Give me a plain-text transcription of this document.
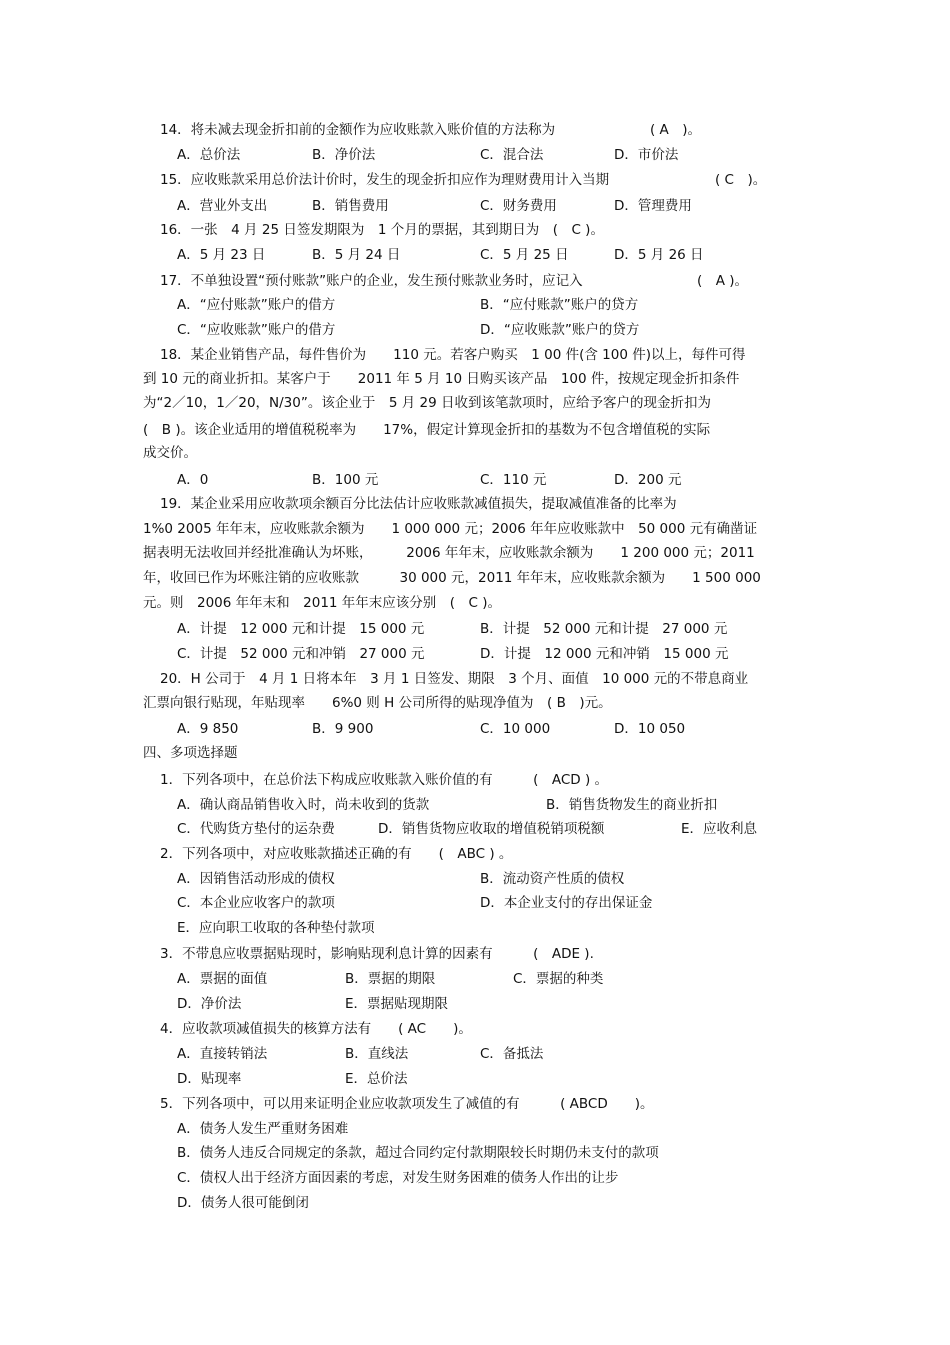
14．将未减去现金折扣前的金额作为应收账款入账价值的方法称为	( A　)。
A．总价法	B．净价法	C．混合法	D．市价法
15．应收账款采用总价法计价时，发生的现金折扣应作为理财费用计入当期	( C　)。
A．营业外支出	B．销售费用	C．财务费用	D．管理费用
16．一张　4 月 25 日签发期限为　1 个月的票据，其到期日为　(　C )。
A．5 月 23 日	B．5 月 24 日	C．5 月 25 日	D．5 月 26 日
17．不单独设置“预付账款”账户的企业，发生预付账款业务时，应记入	(　A )。
A．“应付账款”账户的借方	B．“应付账款”账户的贷方
C．“应收账款”账户的借方	D．“应收账款”账户的贷方
18．某企业销售产品，每件售价为　　110 元。若客户购买　1 00 件(含 100 件)以上，每件可得
到 10 元的商业折扣。某客户于　　2011 年 5 月 10 日购买该产品　100 件，按规定现金折扣条件
为“2／10，1／20，N/30”。该企业于　5 月 29 日收到该笔款项时，应给予客户的现金折扣为
(　B )。该企业适用的增值税税率为　　17%，假定计算现金折扣的基数为不包含增值税的实际
成交价。
A．0	B．100 元	C．110 元	D．200 元
19．某企业采用应收款项余额百分比法估计应收账款减值损失，提取减值准备的比率为
1%0 2005 年年末，应收账款余额为　　1 000 000 元；2006 年年应收账款中　50 000 元有确凿证
据表明无法收回并经批准确认为坏账，　　　2006 年年末，应收账款余额为　　1 200 000 元；2011
年，收回已作为坏账注销的应收账款　　　30 000 元，2011 年年末，应收账款余额为　　1 500 000
元。则　2006 年年末和　2011 年年末应该分别　(　C )。
A．计提　12 000 元和计提　15 000 元	B．计提　52 000 元和计提　27 000 元
C．计提　52 000 元和冲销　27 000 元	D．计提　12 000 元和冲销　15 000 元
20．H 公司于　4 月 1 日将本年　3 月 1 日签发、期限　3 个月、面值　10 000 元的不带息商业
汇票向银行贴现，年贴现率　　6%0 则 H 公司所得的贴现净值为　( B　)元。
A．9 850	B．9 900	C．10 000	D．10 050
四、多项选择题
1．下列各项中，在总价法下构成应收账款入账价值的有　　　(　ACD ) 。
A．确认商品销售收入时，尚未收到的货款	B．销售货物发生的商业折扣
C．代购货方垫付的运杂费	D．销售货物应收取的增值税销项税额	E．应收利息
2．下列各项中，对应收账款描述正确的有　　(　ABC ) 。
A．因销售活动形成的债权	B．流动资产性质的债权
C．本企业应收客户的款项	D．本企业支付的存出保证金
E．应向职工收取的各种垫付款项
3．不带息应收票据贴现时，影响贴现利息计算的因素有　　　(　ADE ).
A．票据的面值	B．票据的期限	C．票据的种类
D．净价法	E．票据贴现期限
4．应收款项减值损失的核算方法有　　( AC　　)。
A．直接转销法	B．直线法	C．备抵法
D．贴现率	E．总价法
5．下列各项中，可以用来证明企业应收款项发生了减值的有　　　( ABCD　　)。
A．债务人发生严重财务困难
B．债务人违反合同规定的条款，超过合同约定付款期限较长时期仍未支付的款项
C．债权人出于经济方面因素的考虑，对发生财务困难的债务人作出的让步
D．债务人很可能倒闭
